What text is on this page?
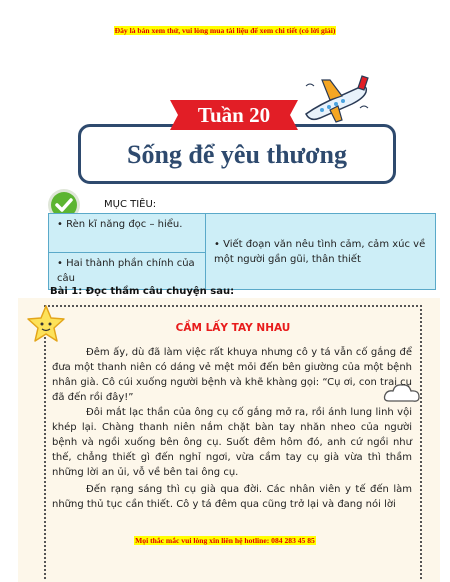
Đây là bản xem thử, vui lòng mua tài liệu để xem chi tiết (có lời giải)
Tuần 20
Sống để yêu thương
MỤC TIÊU:
• Rèn kĩ năng đọc – hiểu.	• Viết đoạn văn nêu tình cảm, cảm xúc về một người gần gũi, thân thiết
• Hai thành phần chính của câu
Bài 1: Đọc thầm câu chuyện sau:
CẦM LẤY TAY NHAU

Đêm ấy, dù đã làm việc rất khuya nhưng cô y tá vẫn cố gắng để đưa một thanh niên có dáng vẻ mệt mỏi đến bên giường của một bệnh nhân già. Cô cúi xuống người bệnh và khẽ khàng gọi: “Cụ ơi, con trai cụ đã đến rồi đây!”

Đôi mắt lạc thần của ông cụ cố gắng mở ra, rồi ánh lung linh vội khép lại. Chàng thanh niên nắm chặt bàn tay nhăn nheo của người bệnh và ngồi xuống bên ông cụ. Suốt đêm hôm đó, anh cứ ngồi như thế, chẳng thiết gì đến nghỉ ngơi, vừa cầm tay cụ già vừa thì thầm những lời an ủi, vỗ về bên tai ông cụ.

Đến rạng sáng thì cụ già qua đời. Các nhân viên y tế đến làm những thủ tục cần thiết. Cô y tá đêm qua cũng trở lại và đang nói lời

Mọi thắc mắc vui lòng xin liên hệ hotline: 084 283 45 85
